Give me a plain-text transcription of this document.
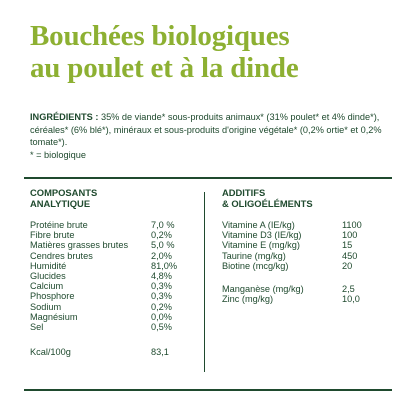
Bouchées biologiques
au poulet et à la dinde
INGRÉDIENTS : 35% de viande* sous-produits animaux* (31% poulet* et 4% dinde*), céréales* (6% blé*), minéraux et sous-produits d'origine végétale* (0,2% ortie* et 0,2% tomate*).
* = biologique
COMPOSANTS
ANALYTIQUE
Protéine brute	7,0 %
Fibre brute	0,2%
Matières grasses brutes 5,0 %
Cendres brutes	2,0%
Humidité	81,0%
Glucides	4,8%
Calcium	0,3%
Phosphore	0,3%
Sodium	0,2%
Magnésium	0,0%
Sel	0,5%
Kcal/100g	83,1
ADDITIFS
& OLIGOÉLÉMENTS
Vitamine A (IE/kg)	1100
Vitamine D3 (IE/kg)	100
Vitamine E (mg/kg)	15
Taurine (mg/kg)	450
Biotine (mcg/kg)	20
Manganèse (mg/kg)	2,5
Zinc (mg/kg)	10,0
